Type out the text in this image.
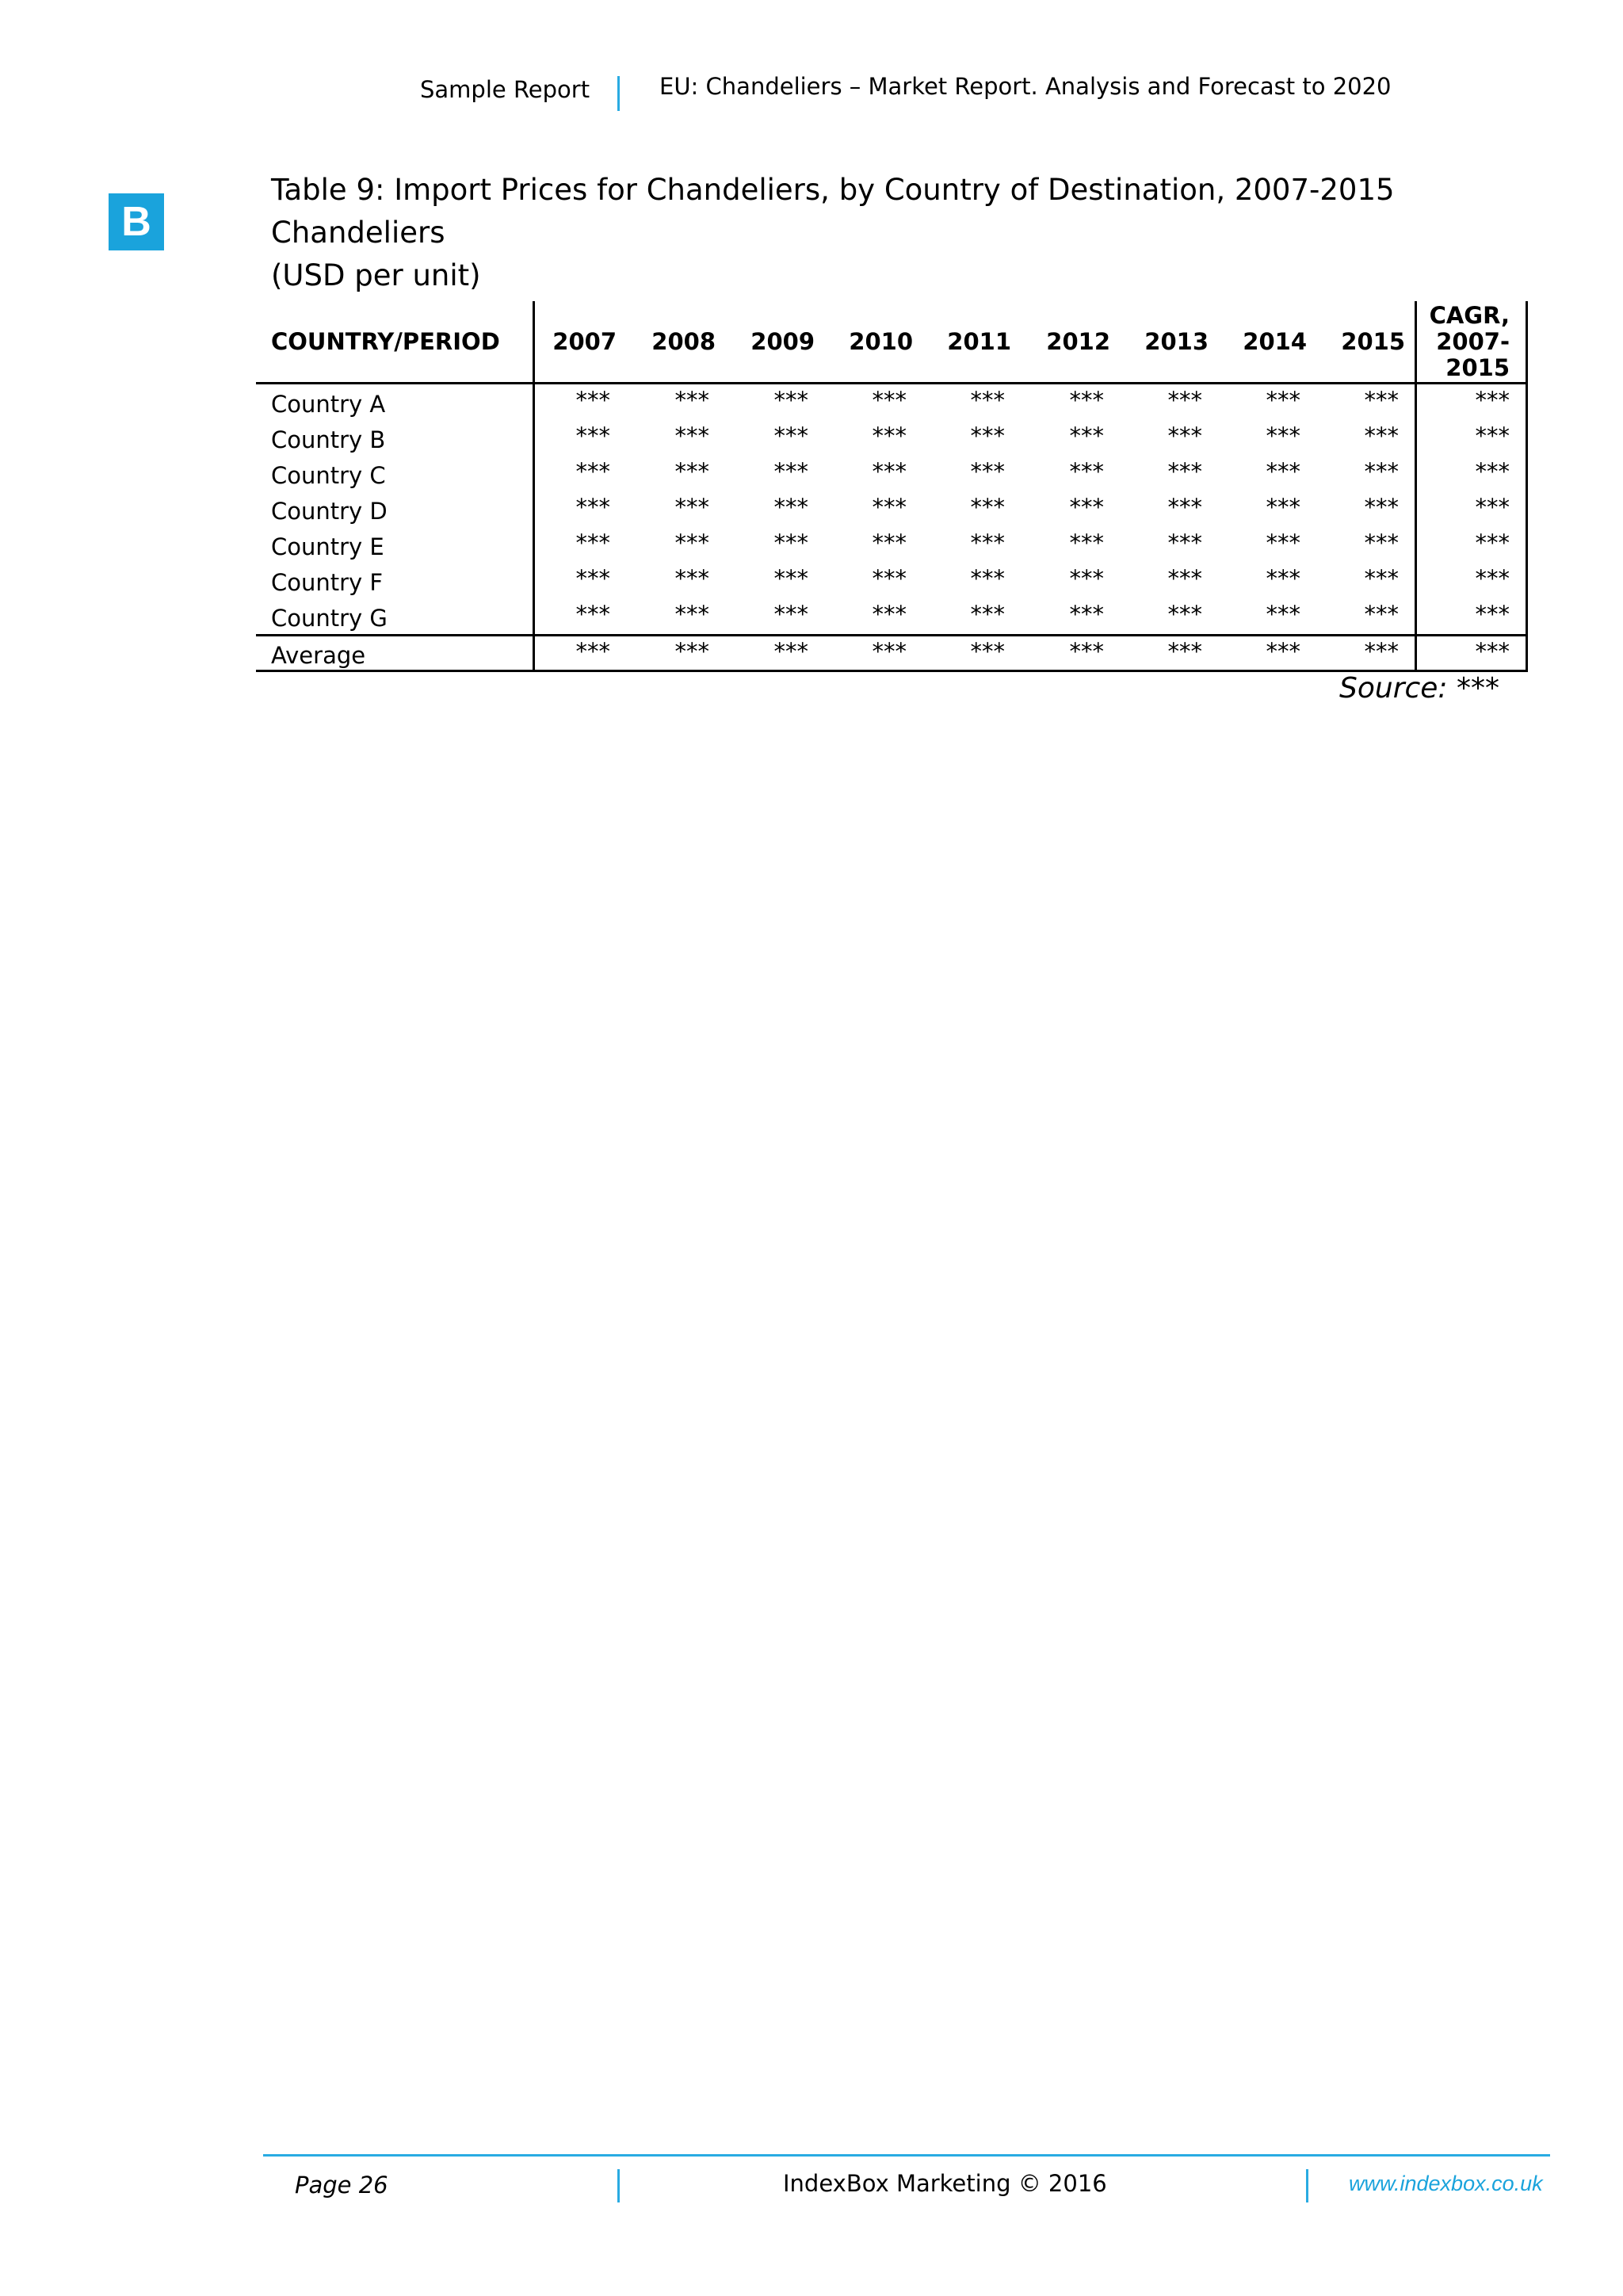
Sample Report	EU: Chandeliers – Market Report. Analysis and Forecast to 2020
B
Table 9: Import Prices for Chandeliers, by Country of Destination, 2007-2015
Chandeliers
(USD per unit)
COUNTRY/PERIOD	2007	2008	2009	2010	2011	2012	2013	2014	2015
CAGR,
2007-
2015
Country A	***	***	***	***	***	***	***	***	***	***
Country B	***	***	***	***	***	***	***	***	***	***
Country C	***	***	***	***	***	***	***	***	***	***
Country D	***	***	***	***	***	***	***	***	***	***
Country E	***	***	***	***	***	***	***	***	***	***
Country F	***	***	***	***	***	***	***	***	***	***
Country G	***	***	***	***	***	***	***	***	***	***
Average	***	***	***	***	***	***	***	***	***	***
Source: ***
Page 26	IndexBox Marketing © 2016	www.indexbox.co.uk
